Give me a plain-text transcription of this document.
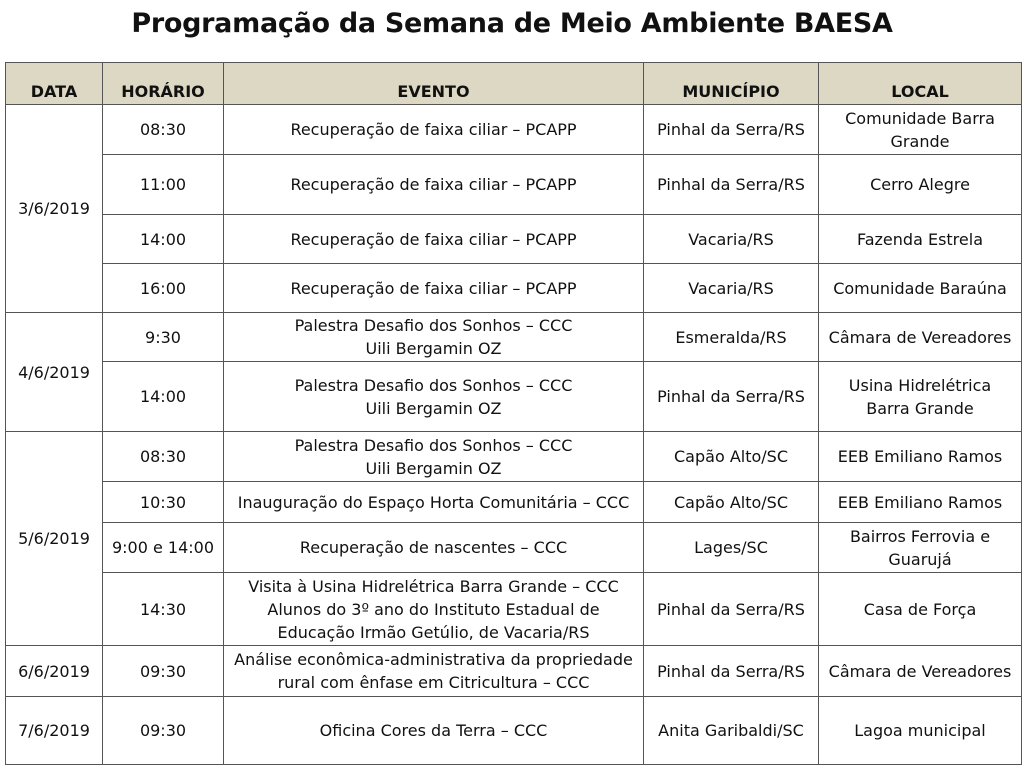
Programação da Semana de Meio Ambiente BAESA
DATA	HORÁRIO	EVENTO	MUNICÍPIO	LOCAL
3/6/2019	08:30	Recuperação de faixa ciliar – PCAPP	Pinhal da Serra/RS	Comunidade Barra
Grande

	11:00	Recuperação de faixa ciliar – PCAPP	Pinhal da Serra/RS	Cerro Alegre

	14:00	Recuperação de faixa ciliar – PCAPP	Vacaria/RS	Fazenda Estrela

	16:00	Recuperação de faixa ciliar – PCAPP	Vacaria/RS	Comunidade Baraúna

4/6/2019	9:30	Palestra Desafio dos Sonhos – CCC
Uili Bergamin OZ	Esmeralda/RS	Câmara de Vereadores

	14:00	Palestra Desafio dos Sonhos – CCC
Uili Bergamin OZ	Pinhal da Serra/RS	Usina Hidrelétrica
Barra Grande

5/6/2019	08:30	Palestra Desafio dos Sonhos – CCC
Uili Bergamin OZ	Capão Alto/SC	EEB Emiliano Ramos

	10:30	Inauguração do Espaço Horta Comunitária – CCC	Capão Alto/SC	EEB Emiliano Ramos

	9:00 e 14:00	Recuperação de nascentes – CCC	Lages/SC	Bairros Ferrovia e
Guarujá

	14:30	Visita à Usina Hidrelétrica Barra Grande – CCC
Alunos do 3º ano do Instituto Estadual de
Educação Irmão Getúlio, de Vacaria/RS	Pinhal da Serra/RS	Casa de Força

6/6/2019	09:30	Análise econômica-administrativa da propriedade
rural com ênfase em Citricultura – CCC	Pinhal da Serra/RS	Câmara de Vereadores

7/6/2019	09:30	Oficina Cores da Terra – CCC	Anita Garibaldi/SC	Lagoa municipal
